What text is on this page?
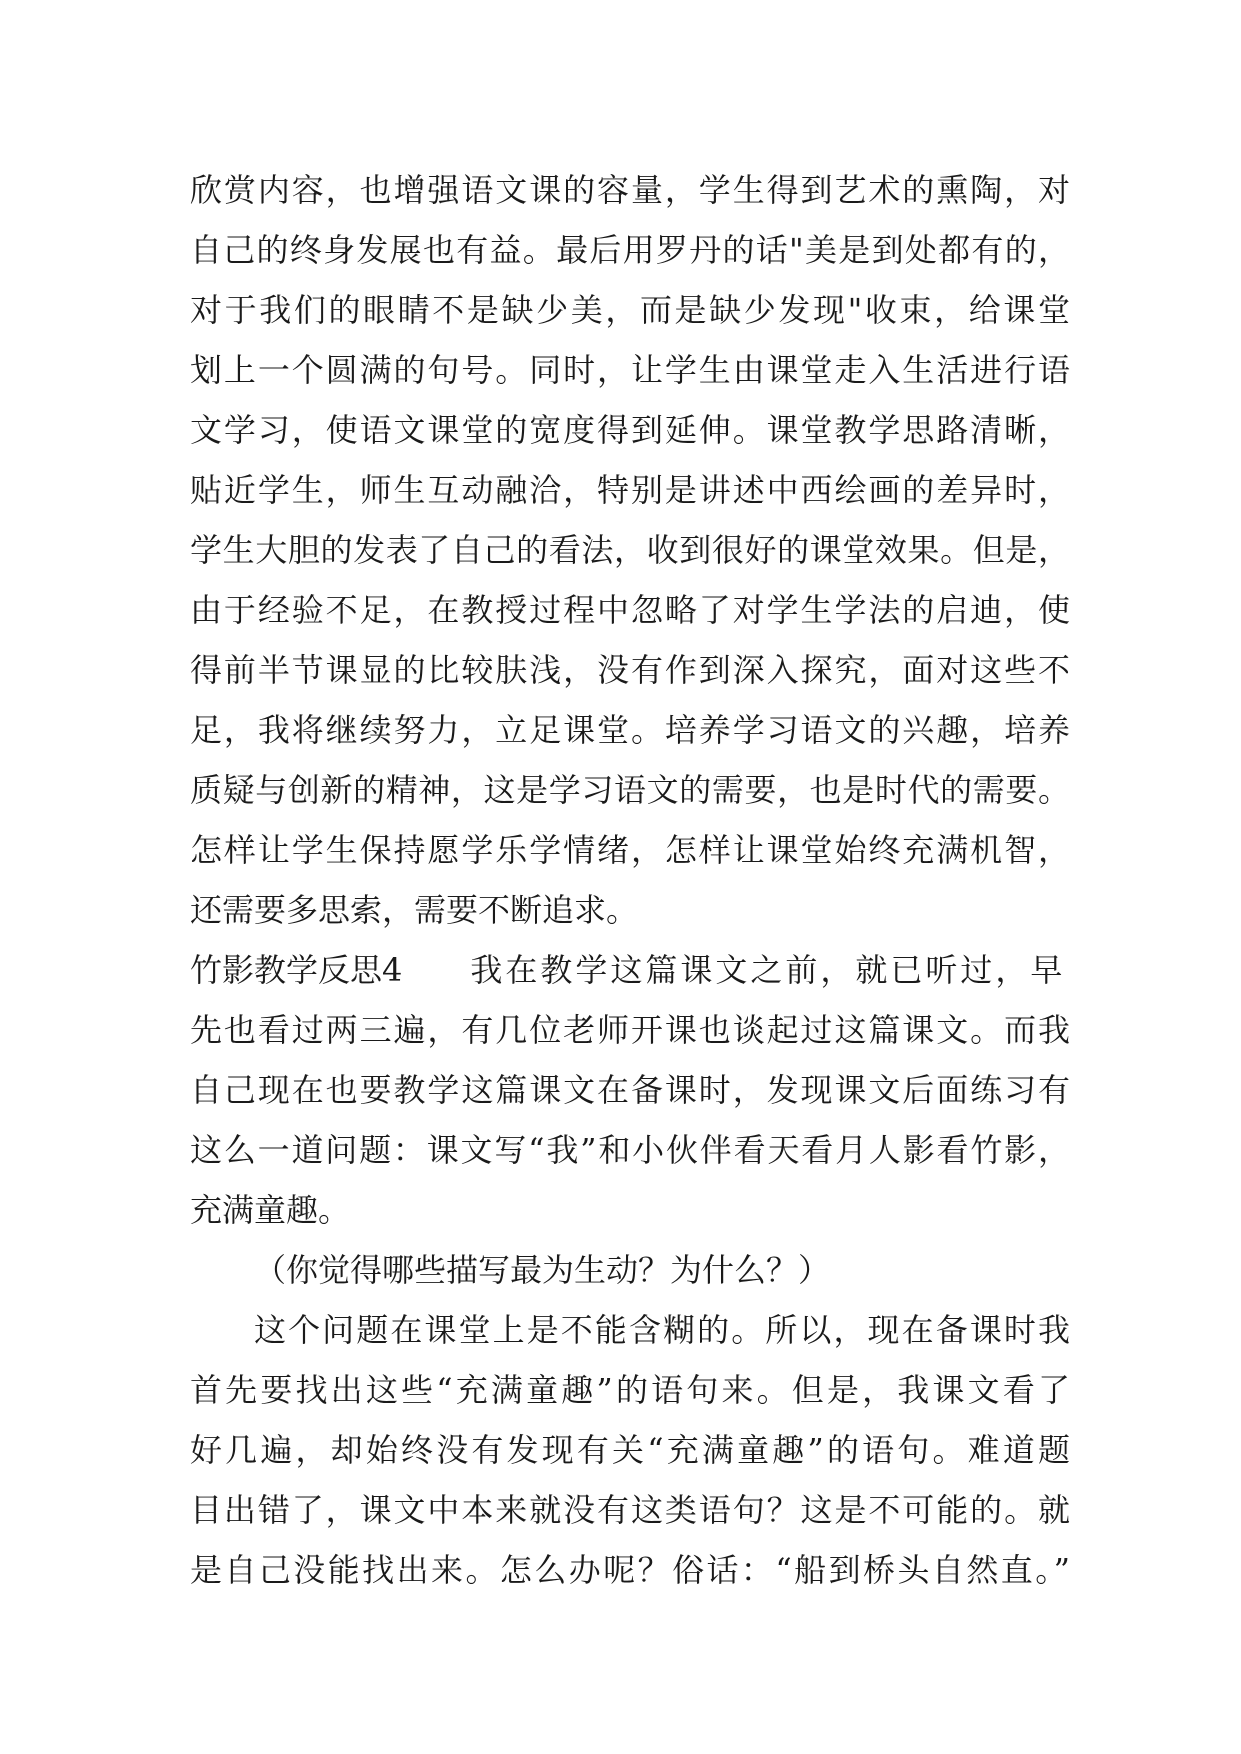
欣赏内容，也增强语文课的容量，学生得到艺术的熏陶，对
自己的终身发展也有益。最后用罗丹的话"美是到处都有的，
对于我们的眼睛不是缺少美，而是缺少发现"收束，给课堂
划上一个圆满的句号。同时，让学生由课堂走入生活进行语
文学习，使语文课堂的宽度得到延伸。课堂教学思路清晰，
贴近学生，师生互动融洽，特别是讲述中西绘画的差异时，
学生大胆的发表了自己的看法，收到很好的课堂效果。但是，
由于经验不足，在教授过程中忽略了对学生学法的启迪，使
得前半节课显的比较肤浅，没有作到深入探究，面对这些不
足，我将继续努力，立足课堂。培养学习语文的兴趣，培养
质疑与创新的精神，这是学习语文的需要，也是时代的需要。
怎样让学生保持愿学乐学情绪，怎样让课堂始终充满机智，
还需要多思索，需要不断追求。
竹影教学反思4 我在教学这篇课文之前，就已听过，早
先也看过两三遍，有几位老师开课也谈起过这篇课文。而我
自己现在也要教学这篇课文在备课时，发现课文后面练习有
这么一道问题：课文写“我”和小伙伴看天看月人影看竹影，
充满童趣。
（你觉得哪些描写最为生动？为什么？）
这个问题在课堂上是不能含糊的。所以，现在备课时我
首先要找出这些“充满童趣”的语句来。但是，我课文看了
好几遍，却始终没有发现有关“充满童趣”的语句。难道题
目出错了，课文中本来就没有这类语句？这是不可能的。就
是自己没能找出来。怎么办呢？俗话：“船到桥头自然直。”
